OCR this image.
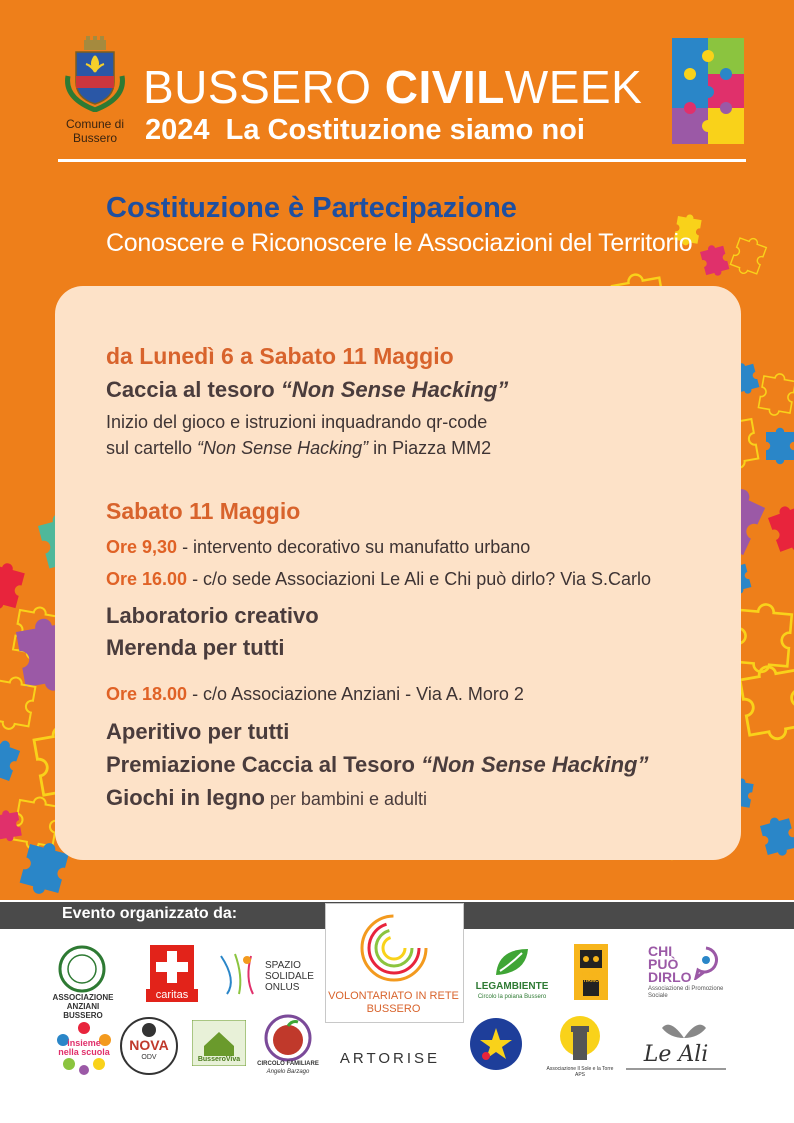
Comune di Bussero
BUSSERO CIVILWEEK
2024 La Costituzione siamo noi
Costituzione è Partecipazione
Conoscere e Riconoscere le Associazioni del Territorio
da Lunedì 6 a Sabato 11 Maggio
Caccia al tesoro “Non Sense Hacking”
Inizio del gioco e istruzioni inquadrando qr-code
sul cartello “Non Sense Hacking” in Piazza MM2
Sabato 11 Maggio
Ore 9,30 - intervento decorativo su manufatto urbano
Ore 16.00 - c/o sede Associazioni Le Ali e Chi può dirlo? Via S.Carlo
Laboratorio creativo
Merenda per tutti
Ore 18.00 - c/o Associazione Anziani - Via A. Moro 2
Aperitivo per tutti
Premiazione Caccia al Tesoro “Non Sense Hacking”
Giochi in legno per bambini e adulti
Evento organizzato da:
VOLONTARIATO IN RETE BUSSERO
ASSOCIAZIONE ANZIANI BUSSERO
caritas
SPAZIO SOLIDALE ONLUS	LEGAMBIENTE
Circolo la poiana Bussero
ROBOT TIRMO
CHI
PUÒ
DIRLO
Associazione di Promozione Sociale
insieme nella scuola	NOVA
ODV	BusseroViva
CIRCOLO FAMILIARE
Angelo Barzago
ARTORISE
Associazione Il Sole e la Torre APS
Le Ali
